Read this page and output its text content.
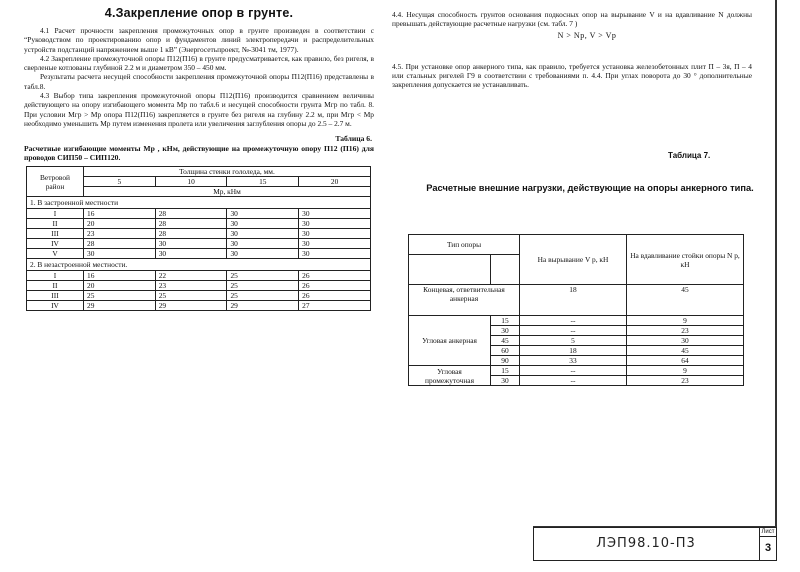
4.Закрепление опор в грунте.

4.1 Расчет прочности закрепления промежуточных опор в грунте произведен в соответствии с “Руководством по проектированию опор и фундаментов линий электропередачи и распределительных устройств подстанций напряжением выше 1 кВ” (Энергосетьпроект, №-3041 тм, 1977).

4.2 Закрепление промежуточной опоры П12(П16) в грунте предусматривается, как правило, без ригеля, в сверленые котлованы глубиной 2.2 м и диаметром 350 – 450 мм.

Результаты расчета несущей способности закрепления промежуточной опоры П12(П16) представлены в табл.8.

4.3 Выбор типа закрепления промежуточной опоры П12(П16) производится сравнением величины действующего на опору изгибающего момента Мр по табл.6 и несущей способности грунта Мгр по табл. 8. При условии Мгр > Мр опора П12(П16) закрепляется в грунте без ригеля на глубину 2.2 м, при Мгр < Мр необходимо уменьшить Мр путем изменения пролета или увеличения заглубления опоры до 2.5 – 2.7 м.

Таблица 6.
Расчетные изгибающие моменты Мр , кНм, действующие на промежуточную опору П12 (П16) для проводов СИП50 – СИП120.
Ветровой район	Толщина стенки гололеда, мм.			
	5	10	15	20
	Мр, кНм			
1. В застроенной местности				
I	16	28	30	30
II	20	28	30	30
III	23	28	30	30
IV	28	30	30	30
V	30	30	30	30
2. В незастроенной местности.				
I	16	22	25	26
II	20	23	25	26
III	25	25	25	26
IV	29	29	29	27

4.4. Несущая способность грунтов основания подкосных опор на вырывание V и на вдавливание N должны превышать действующие расчетные нагрузки (см. табл. 7 )

N > Np, V > Vp

4.5. При установке опор анкерного типа, как правило, требуется установка железобетонных плит П – 3я, П – 4 или стальных ригелей Г9 в соответствии с требованиями п. 4.4. При углах поворота до 30 ° дополнительные закрепления допускается не устанавливать.

Таблица 7.
Расчетные внешние нагрузки, действующие на опоры анкерного типа.
Тип опоры		На вырывание V р, кН	На вдавливание стойки опоры N р, кН

Концевая, ответвительная анкерная		18	45
Угловая анкерная	15	--	9
	30	--	23
	45	5	30
	60	18	45
	90	33	64
Угловая промежуточная	15	--	9
	30	--	23
ЛЭП98.10-П3
Лист
3
